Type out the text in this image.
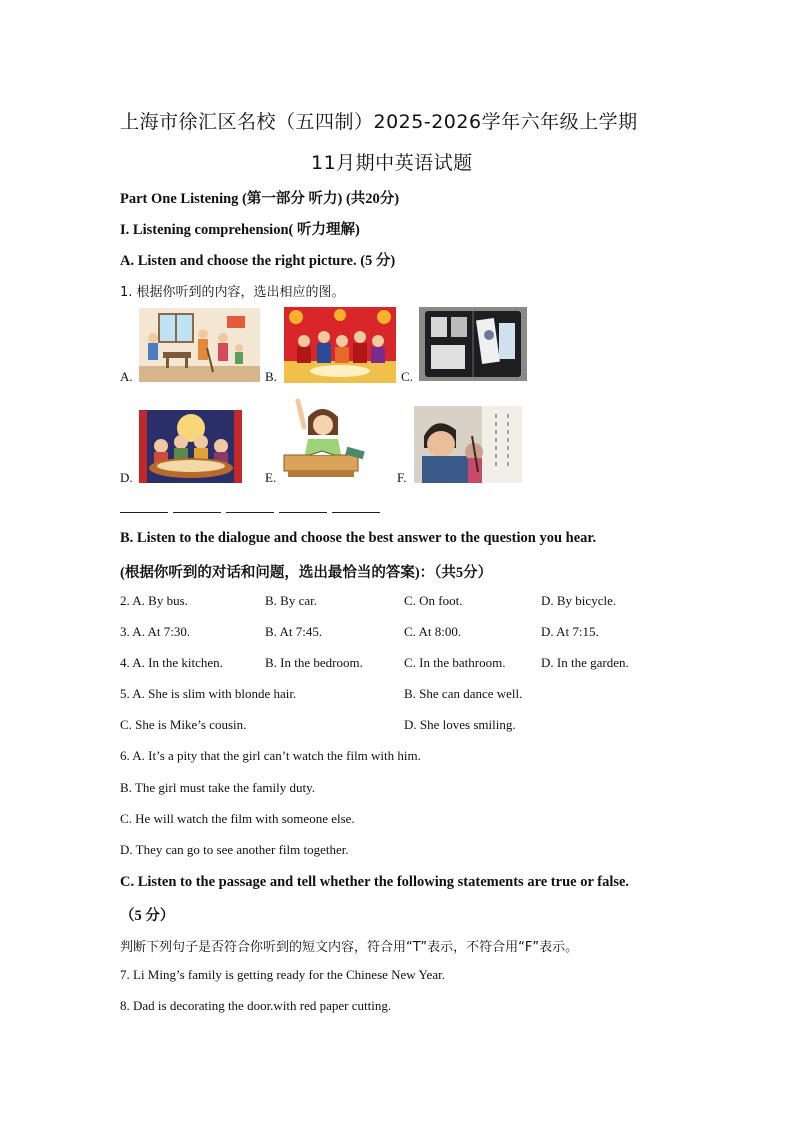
上海市徐汇区名校（五四制）2025-2026学年六年级上学期
11月期中英语试题
Part One Listening (第一部分 听力) (共20分)
I. Listening comprehension( 听力理解)
A. Listen and choose the right picture. (5 分)
1. 根据你听到的内容，选出相应的图。
A.	B.	C.
D.	E.	F.
B. Listen to the dialogue and choose the best answer to the question you hear.
(根据你听到的对话和问题，选出最恰当的答案)：（共5分）
2. A. By bus.	B. By car.	C. On foot.	D. By bicycle.
3. A. At 7:30.	B. At 7:45.	C. At 8:00.	D. At 7:15.
4. A. In the kitchen.	B. In the bedroom.	C. In the bathroom.	D. In the garden.
5. A. She is slim with blonde hair.	B. She can dance well.
C. She is Mike’s cousin.	D. She loves smiling.
6. A. It’s a pity that the girl can’t watch the film with him.
B. The girl must take the family duty.
C. He will watch the film with someone else.
D. They can go to see another film together.
C. Listen to the passage and tell whether the following statements are true or false.
（5 分）
判断下列句子是否符合你听到的短文内容，符合用“T”表示，不符合用“F”表示。
7. Li Ming’s family is getting ready for the Chinese New Year.
8. Dad is decorating the door.with red paper cutting.
